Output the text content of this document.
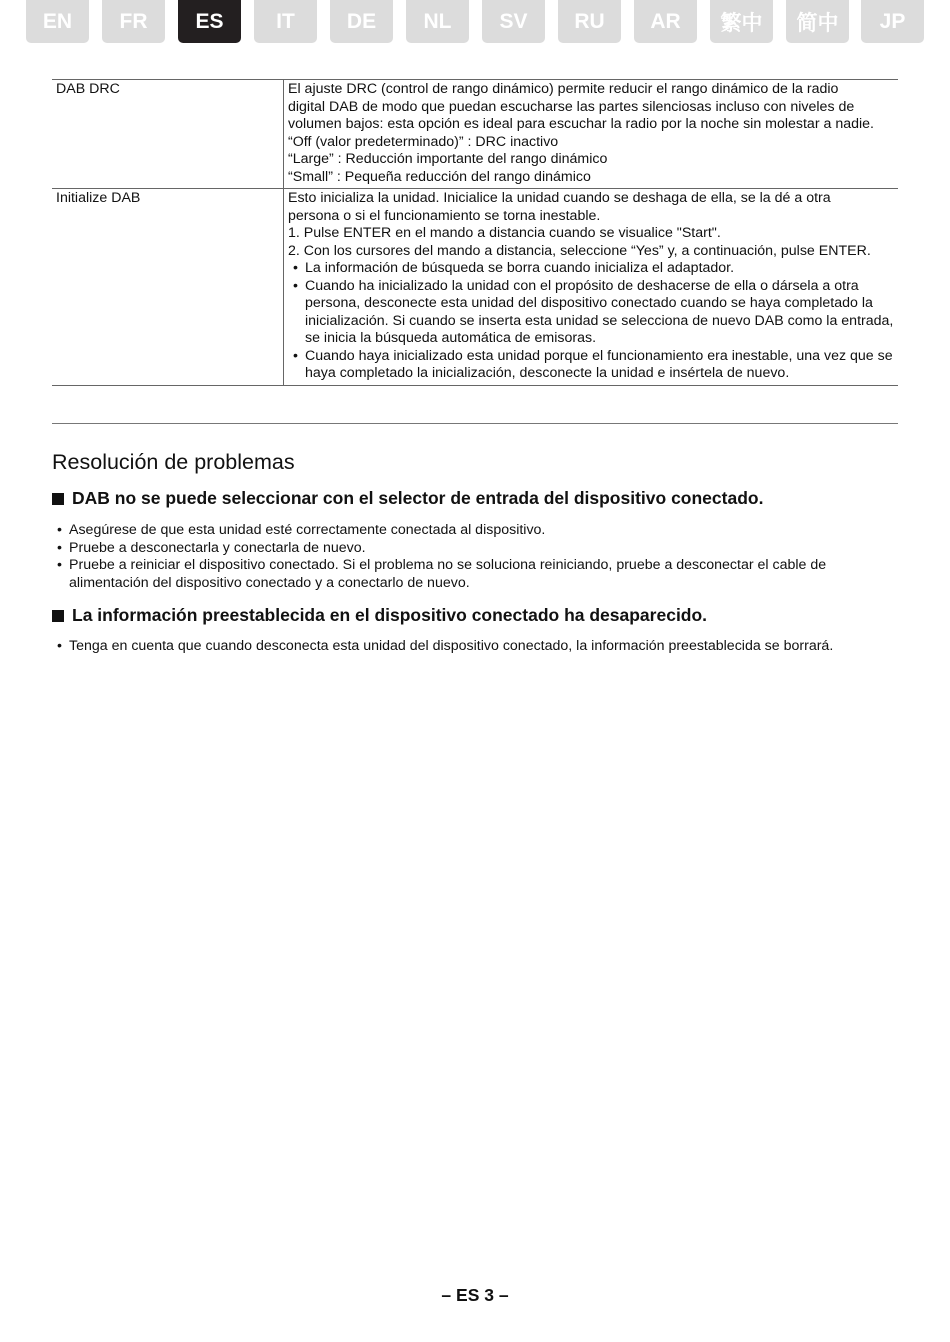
EN	FR	ES	IT	DE	NL	SV	RU	AR	繁中	简中	JP
DAB DRC	El ajuste DRC (control de rango dinámico) permite reducir el rango dinámico de la radio
digital DAB de modo que puedan escucharse las partes silenciosas incluso con niveles de
volumen bajos: esta opción es ideal para escuchar la radio por la noche sin molestar a nadie.
“Off (valor predeterminado)” : DRC inactivo
“Large” : Reducción importante del rango dinámico
“Small” : Pequeña reducción del rango dinámico
Initialize DAB	Esto inicializa la unidad. Inicialice la unidad cuando se deshaga de ella, se la dé a otra
persona o si el funcionamiento se torna inestable.
1. Pulse ENTER en el mando a distancia cuando se visualice "Start".
2. Con los cursores del mando a distancia, seleccione “Yes” y, a continuación, pulse ENTER.
• La información de búsqueda se borra cuando inicializa el adaptador.
• Cuando ha inicializado la unidad con el propósito de deshacerse de ella o dársela a otra persona, desconecte esta unidad del dispositivo conectado cuando se haya completado la inicialización. Si cuando se inserta esta unidad se selecciona de nuevo DAB como la entrada, se inicia la búsqueda automática de emisoras.
• Cuando haya inicializado esta unidad porque el funcionamiento era inestable, una vez que se haya completado la inicialización, desconecte la unidad e insértela de nuevo.
Resolución de problemas
DAB no se puede seleccionar con el selector de entrada del dispositivo conectado.
• Asegúrese de que esta unidad esté correctamente conectada al dispositivo.
• Pruebe a desconectarla y conectarla de nuevo.
• Pruebe a reiniciar el dispositivo conectado. Si el problema no se soluciona reiniciando, pruebe a desconectar el cable de alimentación del dispositivo conectado y a conectarlo de nuevo.
La información preestablecida en el dispositivo conectado ha desaparecido.
• Tenga en cuenta que cuando desconecta esta unidad del dispositivo conectado, la información preestablecida se borrará.
– ES 3 –
